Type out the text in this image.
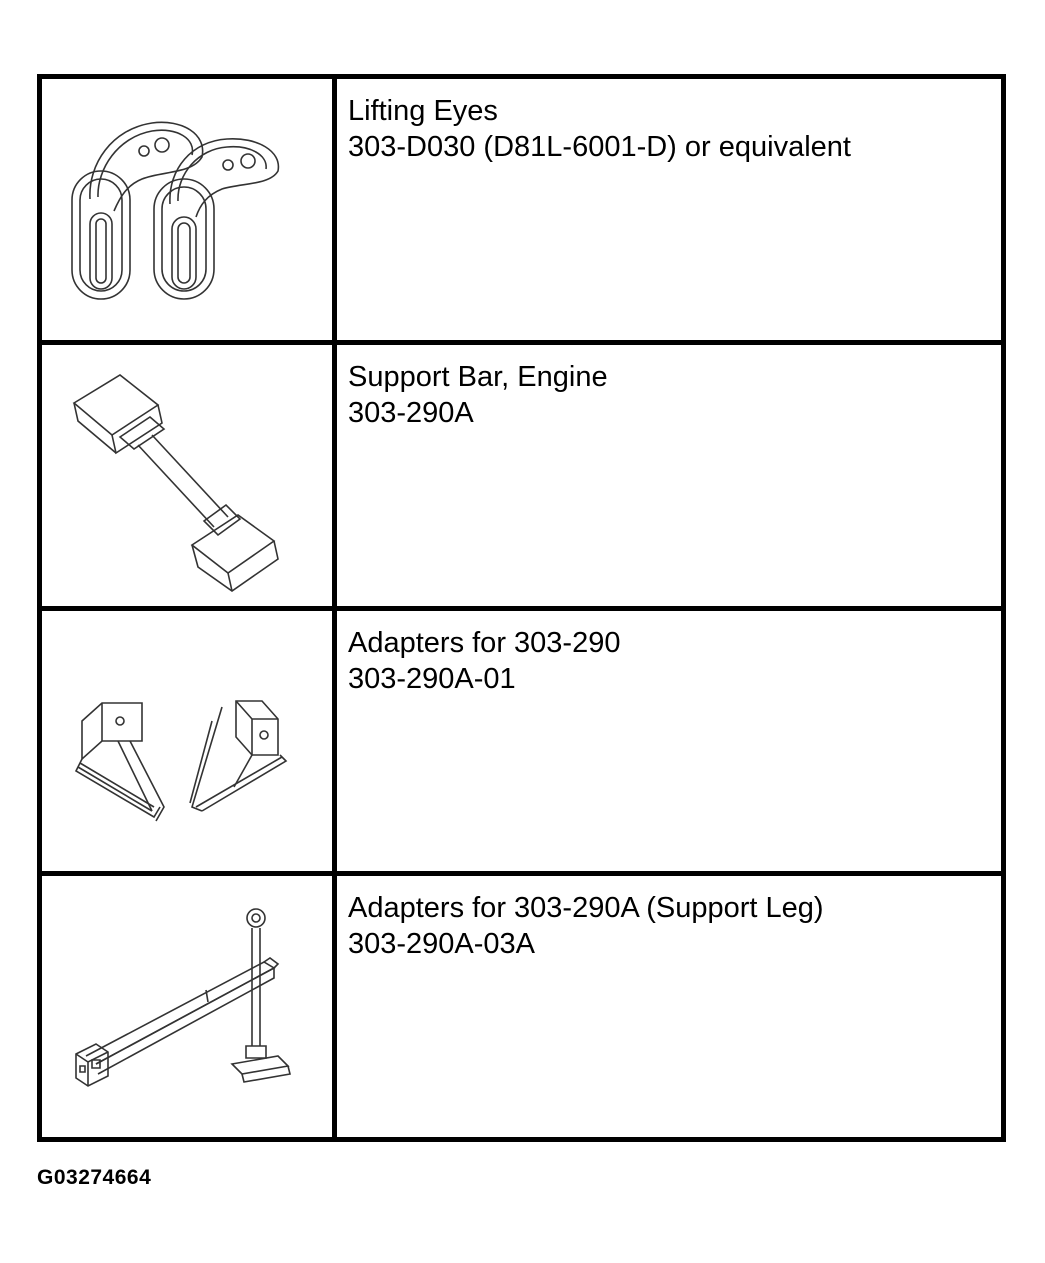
Lifting Eyes
303-D030 (D81L-6001-D) or equivalent
Support Bar, Engine
303-290A
Adapters for 303-290
303-290A-01
Adapters for 303-290A (Support Leg)
303-290A-03A
G03274664
